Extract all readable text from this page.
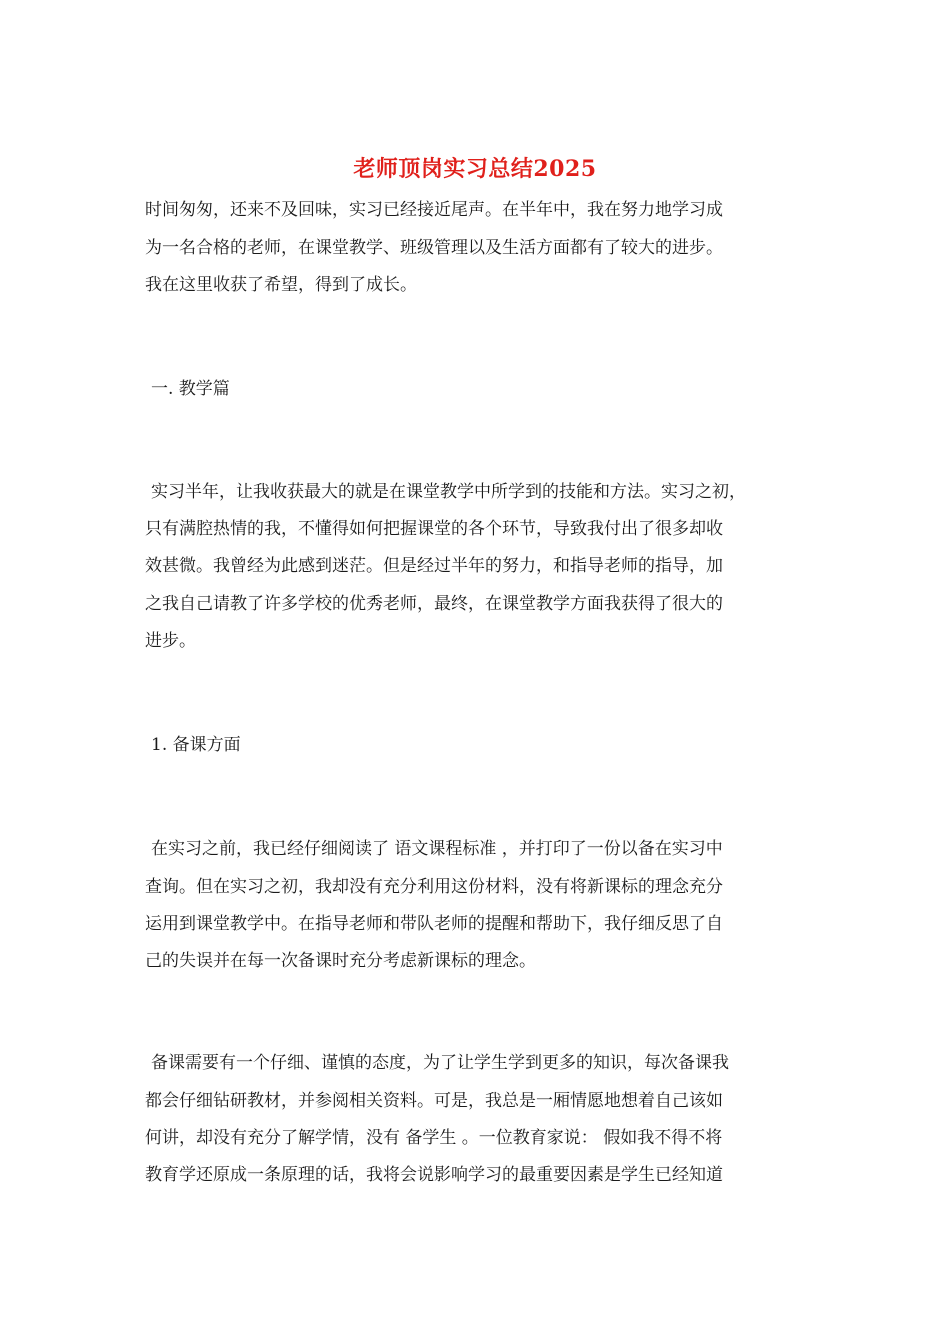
老师顶岗实习总结2025
时间匆匆，还来不及回味，实习已经接近尾声。在半年中，我在努力地学习成
为一名合格的老师，在课堂教学、班级管理以及生活方面都有了较大的进步。
我在这里收获了希望，得到了成长。
一. 教学篇
实习半年，让我收获最大的就是在课堂教学中所学到的技能和方法。实习之初，
只有满腔热情的我，不懂得如何把握课堂的各个环节，导致我付出了很多却收
效甚微。我曾经为此感到迷茫。但是经过半年的努力，和指导老师的指导，加
之我自己请教了许多学校的优秀老师，最终，在课堂教学方面我获得了很大的
进步。
1. 备课方面
在实习之前，我已经仔细阅读了 语文课程标准 ，并打印了一份以备在实习中
查询。但在实习之初，我却没有充分利用这份材料，没有将新课标的理念充分
运用到课堂教学中。在指导老师和带队老师的提醒和帮助下，我仔细反思了自
己的失误并在每一次备课时充分考虑新课标的理念。
备课需要有一个仔细、谨慎的态度，为了让学生学到更多的知识，每次备课我
都会仔细钻研教材，并参阅相关资料。可是，我总是一厢情愿地想着自己该如
何讲，却没有充分了解学情，没有 备学生 。一位教育家说： 假如我不得不将
教育学还原成一条原理的话，我将会说影响学习的最重要因素是学生已经知道
